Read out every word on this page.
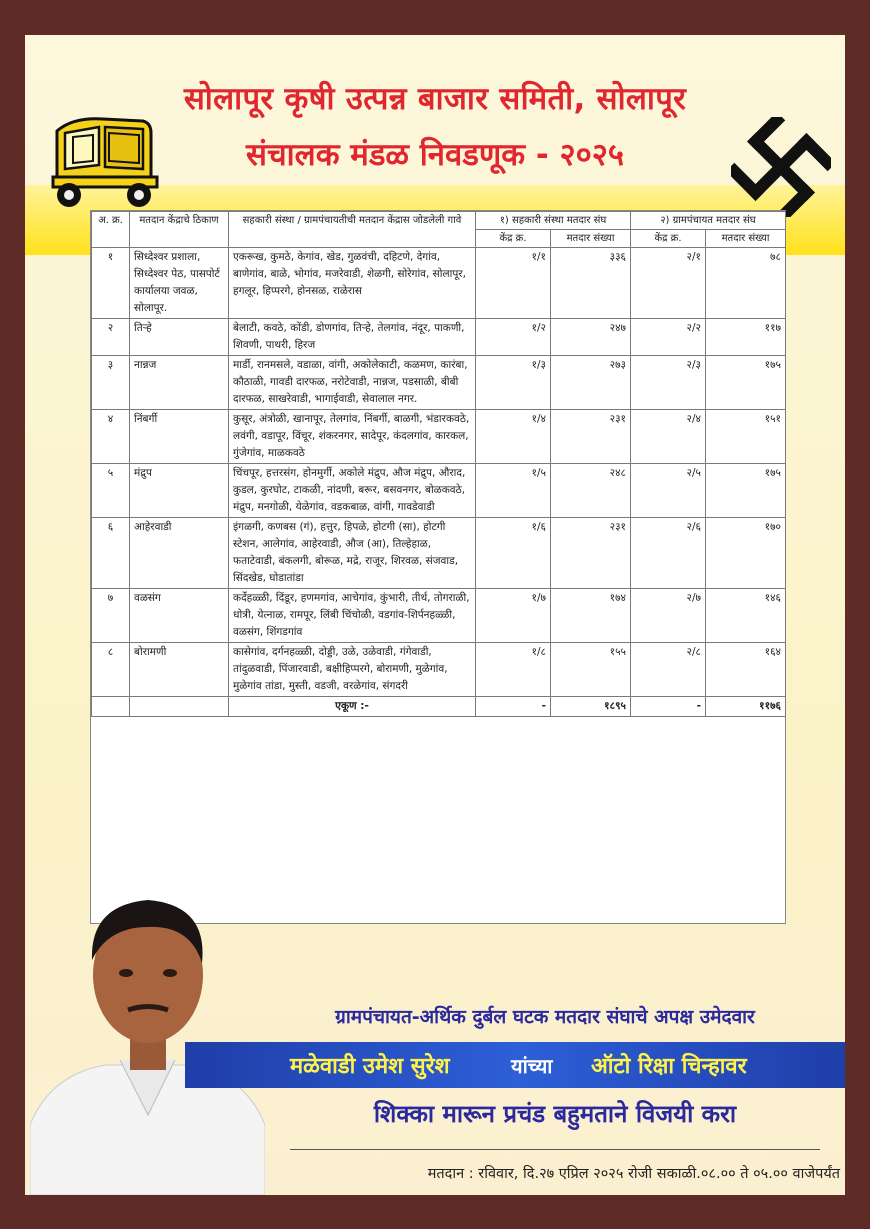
सोलापूर कृषी उत्पन्न बाजार समिती, सोलापूर
संचालक मंडळ निवडणूक - २०२५
अ. क्र.	मतदान केंद्राचे ठिकाण	सहकारी संस्था / ग्रामपंचायतीची मतदान केंद्रास जोडलेली गावे	१) सहकारी संस्था मतदार संघ		२) ग्रामपंचायत मतदार संघ	
			केंद्र क्र.	मतदार संख्या	केंद्र क्र.	मतदार संख्या
१	सिध्देश्वर प्रशाला, सिध्देश्वर पेठ, पासपोर्ट कार्यालया जवळ, सोलापूर.	एकरूख, कुमठे, केगांव, खेड, गुळवंची, दहिटणे, देगांव, बाणेगांव, बाळे, भोगांव, मजरेवाडी, शेळगी, सोरेगांव, सोलापूर, हगलूर, हिप्परगे, होनसळ, राळेरास	१/१	३३६	२/१	७८
२	तिऱ्हे	बेलाटी, कवठे, कोंडी, डोणगांव, तिऱ्हे, तेलगांव, नंदूर, पाकणी, शिवणी, पाथरी, हिरज	१/२	२४७	२/२	११७
३	नान्नज	मार्डी, रानमसले, वडाळा, वांगी, अकोलेकाटी, कळमण, कारंबा, कौठाळी, गावडी दारफळ, नरोटेवाडी, नान्नज, पडसाळी, बीबी दारफळ, साखरेवाडी, भागाईवाडी, सेवालाल नगर.	१/३	२७३	२/३	१७५
४	निंबर्गी	कुसूर, अंत्रोळी, खानापूर, तेलगांव, निंबर्गी, बाळगी, भंडारकवठे, लवंगी, वडापूर, विंचूर, शंकरनगर, सादेपूर, कंदलगांव, कारकल, गुंजेगांव, माळकवठे	१/४	२३१	२/४	१५१
५	मंद्रुप	चिंचपूर, हत्तरसंग, होनमुर्गी, अकोले मंद्रुप, औज मंद्रुप, औराद, कुडल, कुरघोट, टाकळी, नांदणी, बरूर, बसवनगर, बोळकवठे, मंद्रुप, मनगोळी, येळेगांव, वडकबाळ, वांगी, गावडेवाडी	१/५	२४८	२/५	१७५
६	आहेरवाडी	इंगळगी, कणबस (गं), हत्तुर, हिपळे, होटगी (सा), होटगी स्टेशन, आलेगांव, आहेरवाडी, औज (आ), तिल्हेहाळ, फताटेवाडी, बंकलगी, बोरूळ, मद्रे, राजूर, शिरवळ, संजवाड, सिंदखेड, घोडातांडा	१/६	२३१	२/६	१७०
७	वळसंग	कर्देहळ्ळी, दिंडूर, हणमगांव, आचेगांव, कुंभारी, तीर्थ, तोगराळी, धोत्री, येत्नाळ, रामपूर, लिंबी चिंचोळी, वडगांव-शिर्पनहळ्ळी, वळसंग, शिंगडगांव	१/७	१७४	२/७	१४६
८	बोरामणी	कासेगांव, दर्गनहळ्ळी, दोड्डी, उळे, उळेवाडी, गंगेवाडी, तांदुळवाडी, पिंजारवाडी, बक्षीहिप्परगे, बोरामणी, मुळेगांव, मुळेगांव तांडा, मुस्ती, वडजी, वरळेगांव, संगदरी	१/८	१५५	२/८	१६४
		एकूण :-	-	१८९५	-	११७६
ग्रामपंचायत-अर्थिक दुर्बल घटक मतदार संघाचे अपक्ष उमेदवार
मळेवाडी उमेश सुरेश	यांच्या ऑटो रिक्षा चिन्हावर
शिक्का मारून प्रचंड बहुमताने विजयी करा
मतदान : रविवार, दि.२७ एप्रिल २०२५ रोजी सकाळी.०८.०० ते ०५.०० वाजेपर्यंत
